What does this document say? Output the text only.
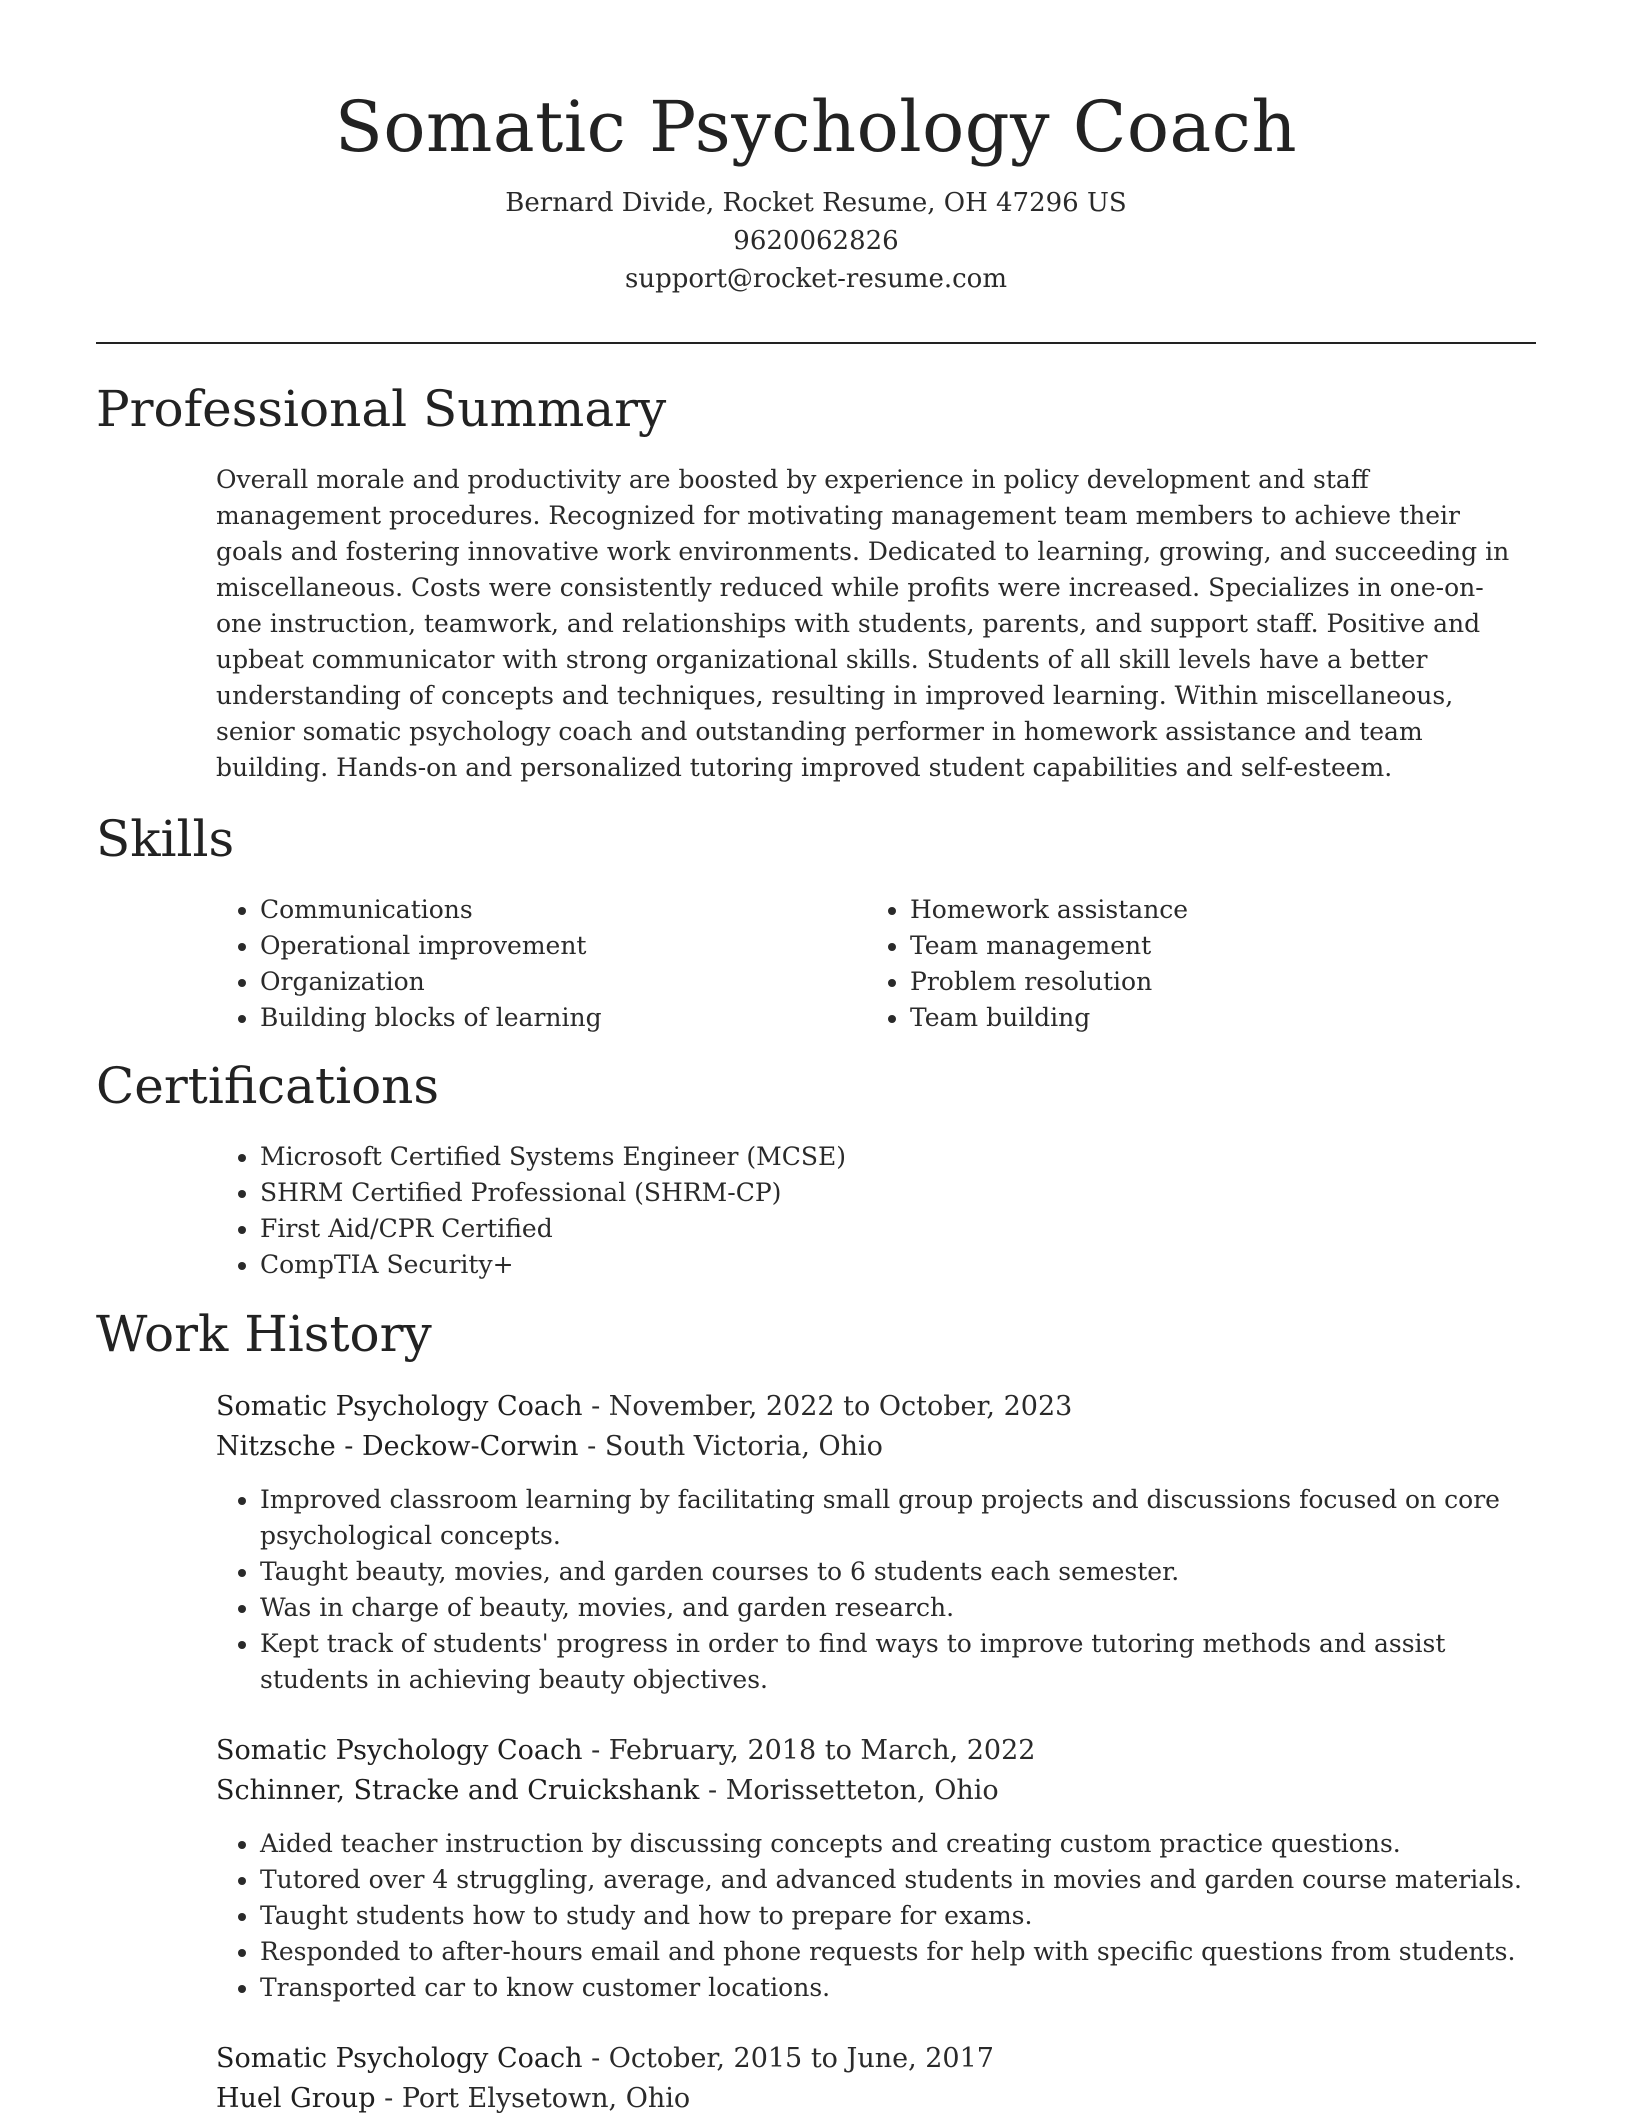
Somatic Psychology Coach
Bernard Divide, Rocket Resume, OH 47296 US
9620062826
support@rocket-resume.com
Professional Summary

Overall morale and productivity are boosted by experience in policy development and staff management procedures. Recognized for motivating management team members to achieve their goals and fostering innovative work environments. Dedicated to learning, growing, and succeeding in miscellaneous. Costs were consistently reduced while profits were increased. Specializes in one-on-one instruction, teamwork, and relationships with students, parents, and support staff. Positive and upbeat communicator with strong organizational skills. Students of all skill levels have a better understanding of concepts and techniques, resulting in improved learning. Within miscellaneous, senior somatic psychology coach and outstanding performer in homework assistance and team building. Hands-on and personalized tutoring improved student capabilities and self-esteem.

Skills
• Communications
• Operational improvement
• Organization
• Building blocks of learning
• Homework assistance
• Team management
• Problem resolution
• Team building
Certifications
• Microsoft Certified Systems Engineer (MCSE)
• SHRM Certified Professional (SHRM-CP)
• First Aid/CPR Certified
• CompTIA Security+
Work History
Somatic Psychology Coach - November, 2022 to October, 2023
Nitzsche - Deckow-Corwin - South Victoria, Ohio
• Improved classroom learning by facilitating small group projects and discussions focused on core psychological concepts.
• Taught beauty, movies, and garden courses to 6 students each semester.
• Was in charge of beauty, movies, and garden research.
• Kept track of students' progress in order to find ways to improve tutoring methods and assist students in achieving beauty objectives.
Somatic Psychology Coach - February, 2018 to March, 2022
Schinner, Stracke and Cruickshank - Morissetteton, Ohio
• Aided teacher instruction by discussing concepts and creating custom practice questions.
• Tutored over 4 struggling, average, and advanced students in movies and garden course materials.
• Taught students how to study and how to prepare for exams.
• Responded to after-hours email and phone requests for help with specific questions from students.
• Transported car to know customer locations.
Somatic Psychology Coach - October, 2015 to June, 2017
Huel Group - Port Elysetown, Ohio
